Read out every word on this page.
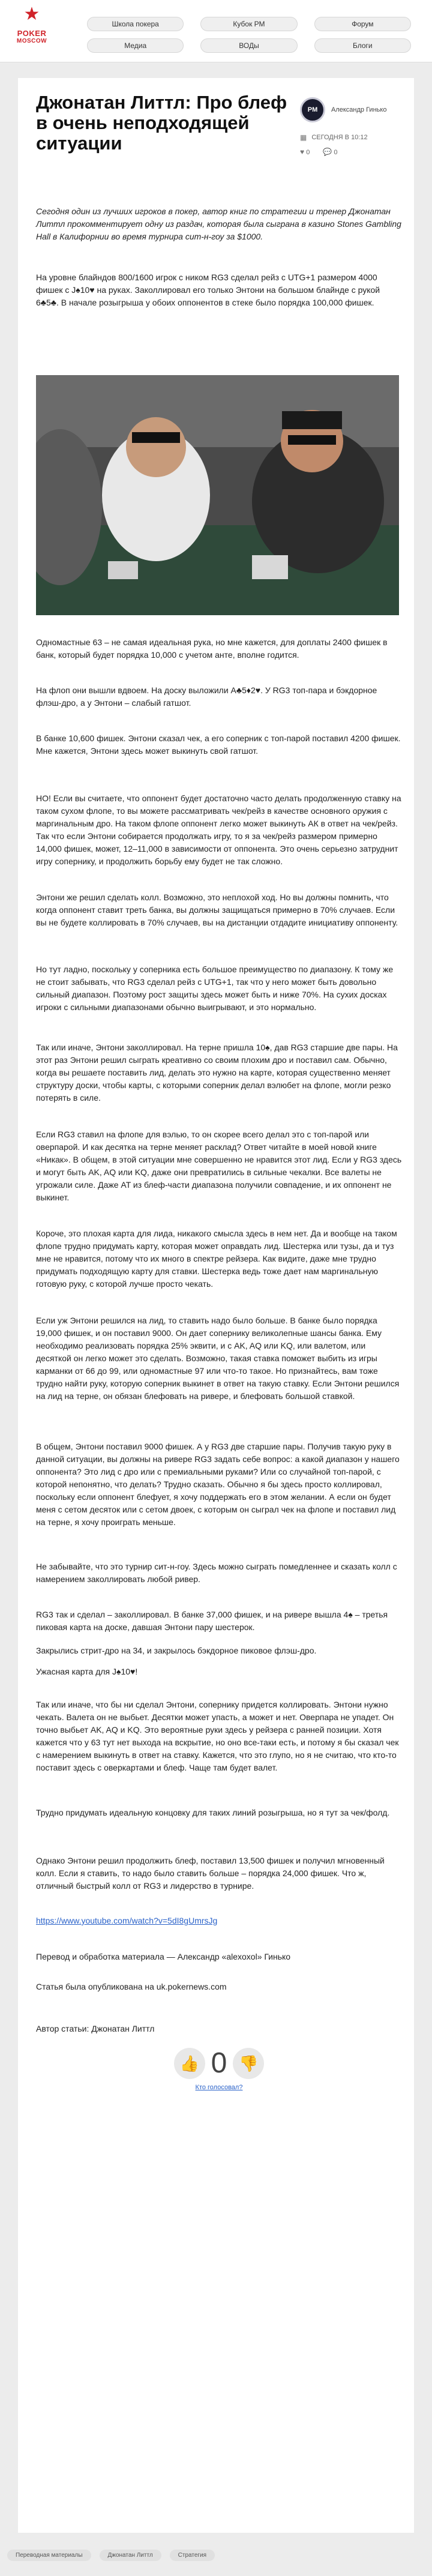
★
POKER
MOSCOW
Школа покера	Кубок РМ	Форум
Медиа	ВОДы	Блоги
Джонатан Литтл: Про блеф в очень неподходящей ситуации
PM	Александр Гинько
▦ СЕГОДНЯ В 10:12
♥ 0 💬 0

Сегодня один из лучших игроков в покер, автор книг по стратегии и тренер Джонатан Литтл прокомментирует одну из раздач, которая была сыграна в казино Stones Gambling Hall в Калифорнии во время турнира сит-н-гоу за $1000.

На уровне блайндов 800/1600 игрок с ником RG3 сделал рейз с UTG+1 размером 4000 фишек с J♠10♥ на руках. Заколлировал его только Энтони на большом блайнде с рукой 6♣5♣. В начале розыгрыша у обоих оппонентов в стеке было порядка 100,000 фишек.

Одномастные 63 – не самая идеальная рука, но мне кажется, для доплаты 2400 фишек в банк, который будет порядка 10,000 с учетом анте, вполне годится.

На флоп они вышли вдвоем. На доску выложили A♣5♦2♥. У RG3 топ-пара и бэкдорное флэш-дро, а у Энтони – слабый гатшот.

В банке 10,600 фишек. Энтони сказал чек, а его соперник с топ-парой поставил 4200 фишек. Мне кажется, Энтони здесь может выкинуть свой гатшот.

НО! Если вы считаете, что оппонент будет достаточно часто делать продолженную ставку на таком сухом флопе, то вы можете рассматривать чек/рейз в качестве основного оружия с маргинальным дро. На таком флопе оппонент легко может выкинуть АК в ответ на чек/рейз. Так что если Энтони собирается продолжать игру, то я за чек/рейз размером примерно 14,000 фишек, может, 12–11,000 в зависимости от оппонента. Это очень серьезно затруднит игру сопернику, и продолжить борьбу ему будет не так сложно.

Энтони же решил сделать колл. Возможно, это неплохой ход. Но вы должны помнить, что когда оппонент ставит треть банка, вы должны защищаться примерно в 70% случаев. Если вы не будете коллировать в 70% случаев, вы на дистанции отдадите инициативу оппоненту.

Но тут ладно, поскольку у соперника есть большое преимущество по диапазону. К тому же не стоит забывать, что RG3 сделал рейз с UTG+1, так что у него может быть довольно сильный диапазон. Поэтому рост защиты здесь может быть и ниже 70%. На сухих досках игроки с сильными диапазонами обычно выигрывают, и это нормально.

Так или иначе, Энтони заколлировал. На терне пришла 10♠, дав RG3 старшие две пары. На этот раз Энтони решил сыграть креативно со своим плохим дро и поставил сам. Обычно, когда вы решаете поставить лид, делать это нужно на карте, которая существенно меняет структуру доски, чтобы карты, с которыми соперник делал вэлюбет на флопе, могли резко потерять в силе.

Если RG3 ставил на флопе для вэлью, то он скорее всего делал это с топ-парой или оверпарой. И как десятка на терне меняет расклад? Ответ читайте в моей новой книге «Никак». В общем, в этой ситуации мне совершенно не нравится этот лид. Если у RG3 здесь и могут быть AK, AQ или KQ, даже они превратились в сильные чекалки. Все валеты не угрожали силе. Даже AT из блеф-части диапазона получили совпадение, и их оппонент не выкинет.

Короче, это плохая карта для лида, никакого смысла здесь в нем нет. Да и вообще на таком флопе трудно придумать карту, которая может оправдать лид. Шестерка или тузы, да и туз мне не нравится, потому что их много в спектре рейзера. Как видите, даже мне трудно придумать подходящую карту для ставки. Шестерка ведь тоже дает нам маргинальную готовую руку, с которой лучше просто чекать.

Если уж Энтони решился на лид, то ставить надо было больше. В банке было порядка 19,000 фишек, и он поставил 9000. Он дает сопернику великолепные шансы банка. Ему необходимо реализовать порядка 25% эквити, и с AK, AQ или KQ, или валетом, или десяткой он легко может это сделать. Возможно, такая ставка поможет выбить из игры карманки от 66 до 99, или одномастные 97 или что-то такое. Но признайтесь, вам тоже трудно найти руку, которую соперник выкинет в ответ на такую ставку. Если Энтони решился на лид на терне, он обязан блефовать на ривере, и блефовать большой ставкой.

В общем, Энтони поставил 9000 фишек. А у RG3 две старшие пары. Получив такую руку в данной ситуации, вы должны на ривере RG3 задать себе вопрос: а какой диапазон у нашего оппонента? Это лид с дро или с премиальными руками? Или со случайной топ-парой, с которой непонятно, что делать? Трудно сказать. Обычно я бы здесь просто коллировал, поскольку если оппонент блефует, я хочу поддержать его в этом желании. А если он будет меня с сетом десяток или с сетом двоек, с которым он сыграл чек на флопе и поставил лид на терне, я хочу проиграть меньше.

Не забывайте, что это турнир сит-н-гоу. Здесь можно сыграть помедленнее и сказать колл с намерением заколлировать любой ривер.

RG3 так и сделал – заколлировал. В банке 37,000 фишек, и на ривере вышла 4♠ – третья пиковая карта на доске, давшая Энтони пару шестерок.

Закрылись стрит-дро на 34, и закрылось бэкдорное пиковое флэш-дро.

Ужасная карта для J♠10♥!

Так или иначе, что бы ни сделал Энтони, сопернику придется коллировать. Энтони нужно чекать. Валета он не выбьет. Десятки может упасть, а может и нет. Оверпара не упадет. Он точно выбьет AK, AQ и KQ. Это вероятные руки здесь у рейзера с ранней позиции. Хотя кажется что у 63 тут нет выхода на вскрытие, но оно все-таки есть, и потому я бы сказал чек с намерением выкинуть в ответ на ставку. Кажется, что это глупо, но я не считаю, что кто-то поставит здесь с оверкартами и блеф. Чаще там будет валет.

Трудно придумать идеальную концовку для таких линий розыгрыша, но я тут за чек/фолд.

Однако Энтони решил продолжить блеф, поставил 13,500 фишек и получил мгновенный колл. Если я ставить, то надо было ставить больше – порядка 24,000 фишек. Что ж, отличный быстрый колл от RG3 и лидерство в турнире.

https://www.youtube.com/watch?v=5dI8gUmrsJg

Перевод и обработка материала — Александр «alexoxol» Гинько

Статья была опубликована на uk.pokernews.com

Автор статьи: Джонатан Литтл

👍 0 👎
Кто голосовал?
Переводная материалы	Джонатан Литтл	Стратегия
